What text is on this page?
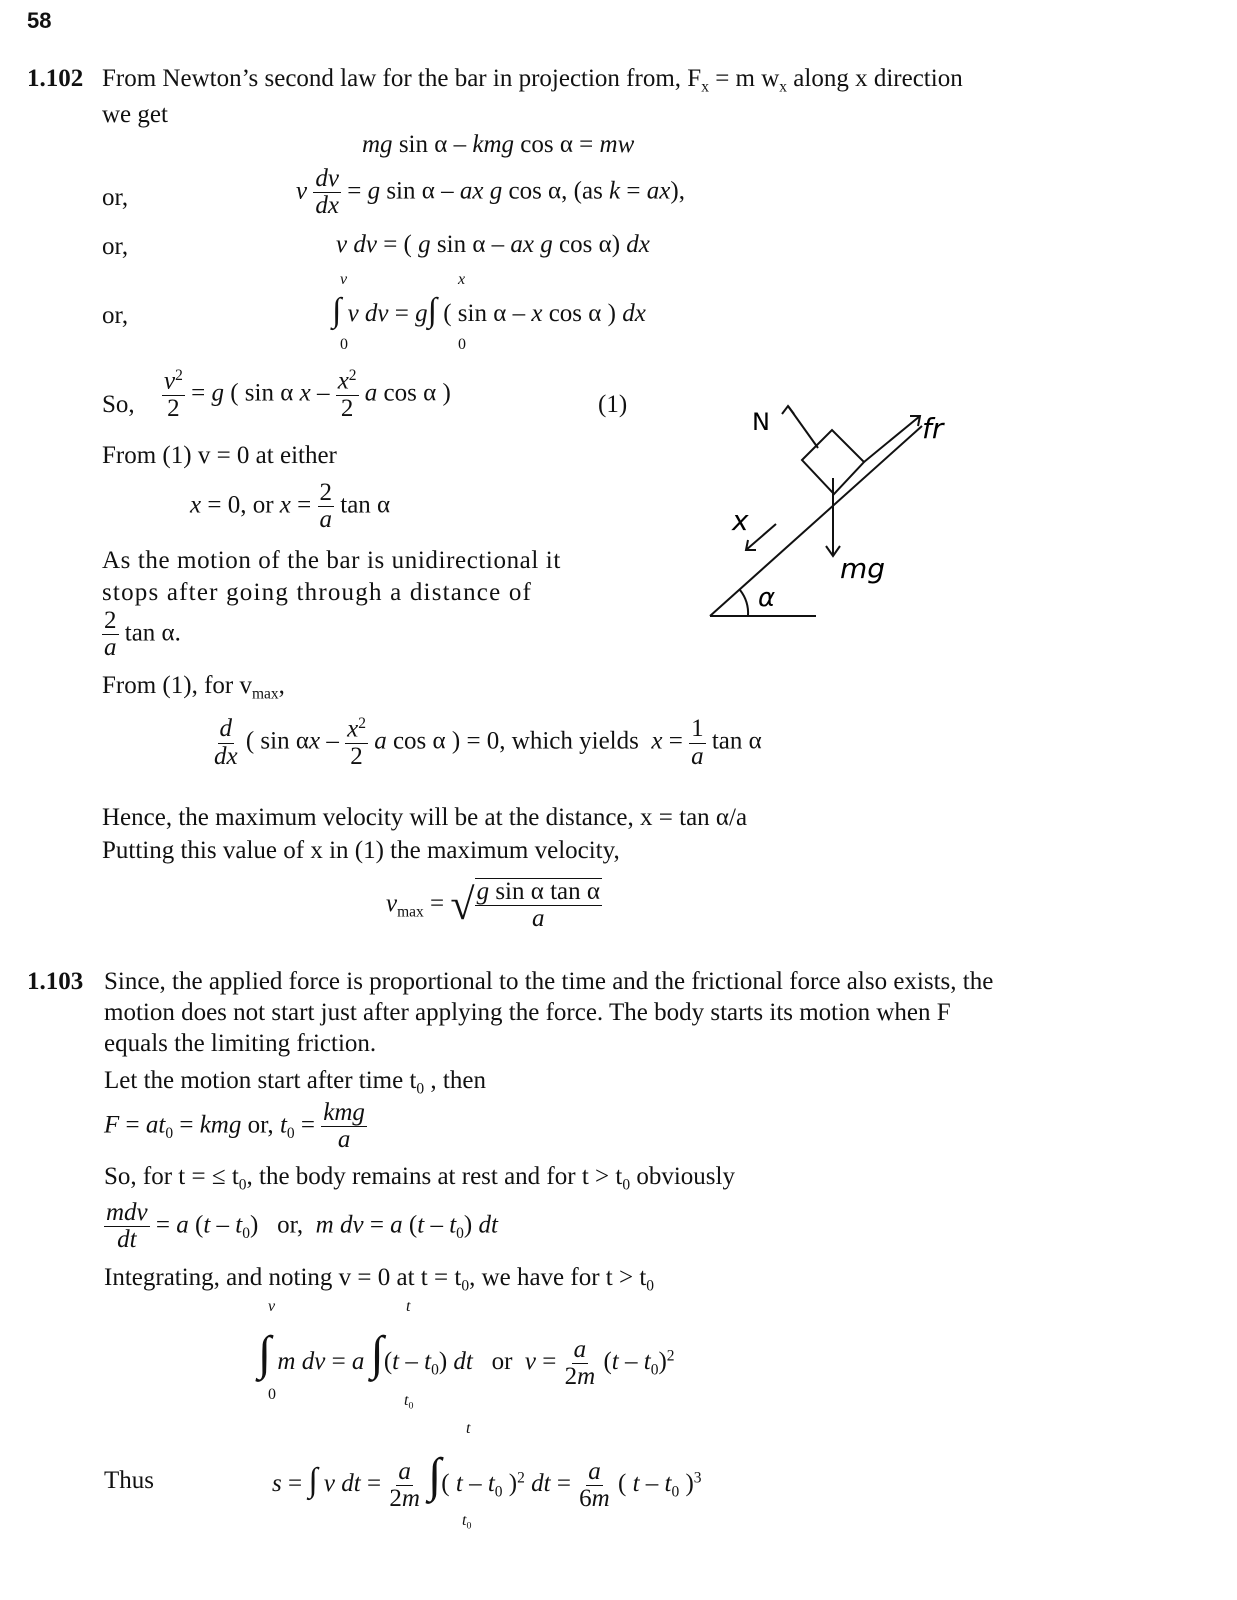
58
1.102 From Newton’s second law for the bar in projection from, $F_x = m$ $w_x$ along x direction
we get
mg sin α – kmg cos α = mw
or,	v $\frac{dv}{dx} = g$ sin α – ax g cos α, (as k = ax),
or,	v dv = ( g sin α – ax g cos α) dx
or,
v	x
∫ v dv = g∫ ( sin α – x cos α ) dx
0	0
So, $\frac{v^2}{2} = g$ ( sin α x – $\frac{x^2}{2}$ a cos α )	(1)
From (1) v = 0 at either
x = 0, or $x = \frac{2}{a}$ tan α
As the motion of the bar is unidirectional it
stops after going through a distance of
$\frac{2}{a}$ tan α.
From (1), for $v_{max}$,
$\frac{d}{dx}$ ( sin αx – $\frac{x^2}{2}$ a cos α ) = 0, which yields $x = \frac{1}{a}$ tan α
Hence, the maximum velocity will be at the distance, x = tan α/a
Putting this value of x in (1) the maximum velocity,
$v_{max}$ = √ $\frac{\text{g sin α tan α}}{a}$
1.103 Since, the applied force is proportional to the time and the frictional force also exists, the
motion does not start just after applying the force. The body starts its motion when F
equals the limiting friction.
Let the motion start after time $t_0$ , then
$F = at_0$ = kmg or, $t_0 = \frac{\text{kmg}}{a}$
So, for t = ≤ $t_0$, the body remains at rest and for $t > t_0$ obviously
$\frac{\text{mdv}}{dt} = a$ $(t - t_0)$   or,  m dv = a $(t - t_0)$ dt
Integrating, and noting v = 0 at $t = t_0$, we have for $t > t_0$
v	t
∫ m dv = a $\int(t - t_0)$ dt or $v = \frac{a}{2m} (t - t_0)^2$
0	$t_0$
Thus
t
s = ∫ v dt = $\frac{a}{2m}$ ∫( t – $t_0$ )$^2$ dt = $\frac{a}{6m}$ ( t – $t_0$ )$^3$
$t_0$
N	fr
x
α
mg
